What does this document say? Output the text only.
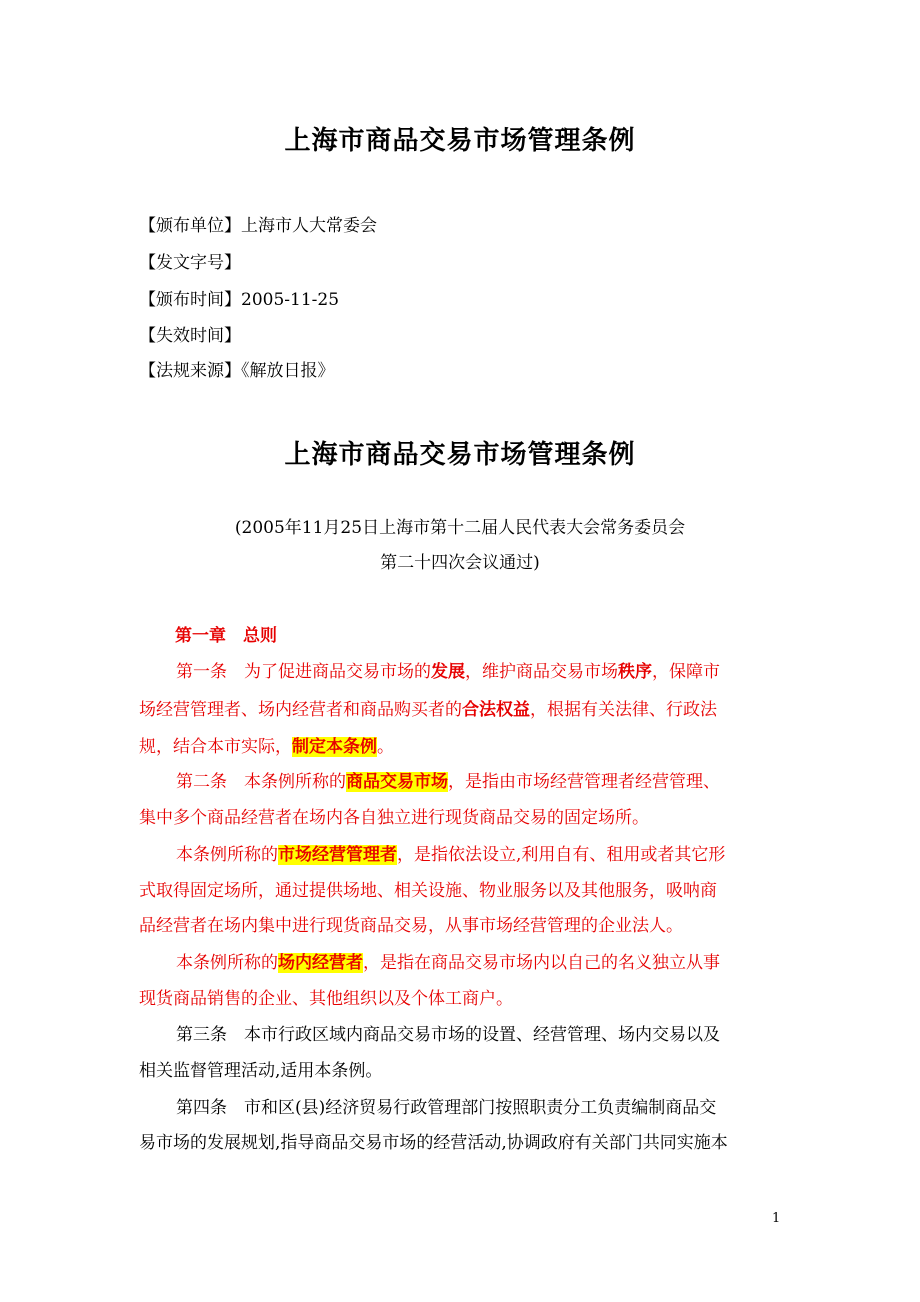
上海市商品交易市场管理条例
【颁布单位】上海市人大常委会
【发文字号】
【颁布时间】2005-11-25
【失效时间】
【法规来源】《解放日报》
上海市商品交易市场管理条例
(2005年11月25日上海市第十二届人民代表大会常务委员会
第二十四次会议通过)
第一章　总则
第一条　为了促进商品交易市场的发展，维护商品交易市场秩序，保障市
场经营管理者、场内经营者和商品购买者的合法权益，根据有关法律、行政法
规，结合本市实际，制定本条例。
第二条　本条例所称的商品交易市场，是指由市场经营管理者经营管理、
集中多个商品经营者在场内各自独立进行现货商品交易的固定场所。
本条例所称的市场经营管理者，是指依法设立,利用自有、租用或者其它形
式取得固定场所，通过提供场地、相关设施、物业服务以及其他服务，吸呐商
品经营者在场内集中进行现货商品交易，从事市场经营管理的企业法人。
本条例所称的场内经营者，是指在商品交易市场内以自己的名义独立从事
现货商品销售的企业、其他组织以及个体工商户。
第三条　本市行政区域内商品交易市场的设置、经营管理、场内交易以及
相关监督管理活动,适用本条例。
第四条　市和区(县)经济贸易行政管理部门按照职责分工负责编制商品交
易市场的发展规划,指导商品交易市场的经营活动,协调政府有关部门共同实施本
1
